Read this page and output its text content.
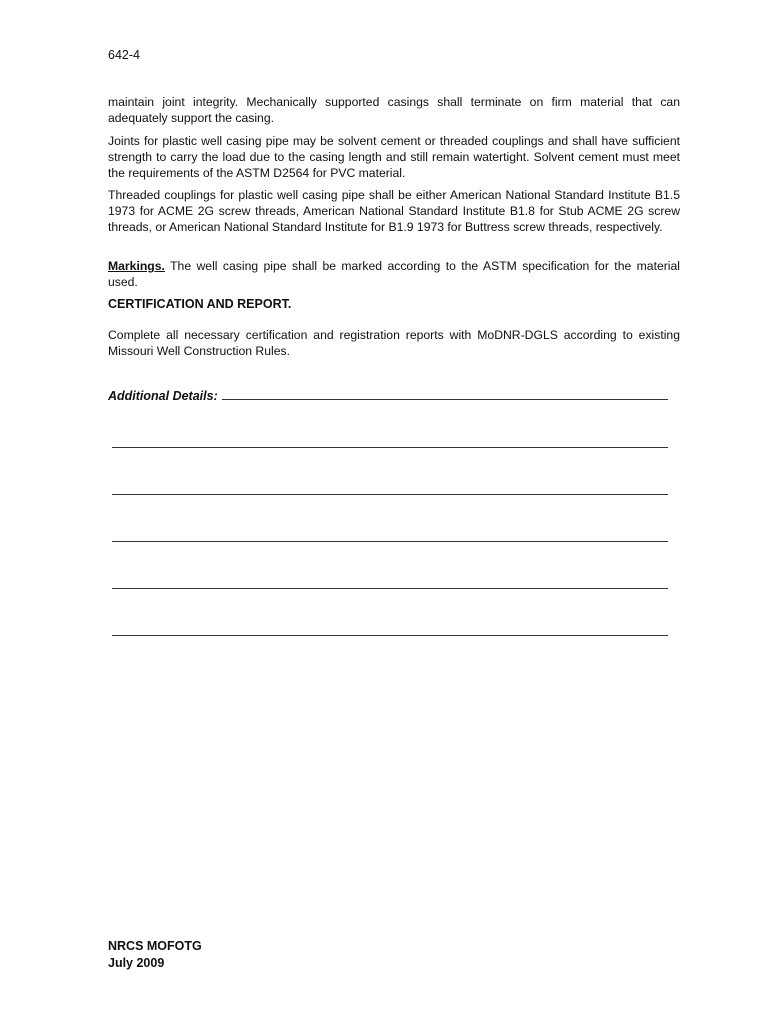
642-4

maintain joint integrity. Mechanically supported casings shall terminate on firm material that can adequately support the casing.

Joints for plastic well casing pipe may be solvent cement or threaded couplings and shall have sufficient strength to carry the load due to the casing length and still remain watertight. Solvent cement must meet the requirements of the ASTM D2564 for PVC material.

Threaded couplings for plastic well casing pipe shall be either American National Standard Institute B1.5 1973 for ACME 2G screw threads, American National Standard Institute B1.8 for Stub ACME 2G screw threads, or American National Standard Institute for B1.9 1973 for Buttress screw threads, respectively.

Markings. The well casing pipe shall be marked according to the ASTM specification for the material used.

CERTIFICATION AND REPORT.

Complete all necessary certification and registration reports with MoDNR-DGLS according to existing Missouri Well Construction Rules.

Additional Details:
NRCS MOFOTG
July 2009
